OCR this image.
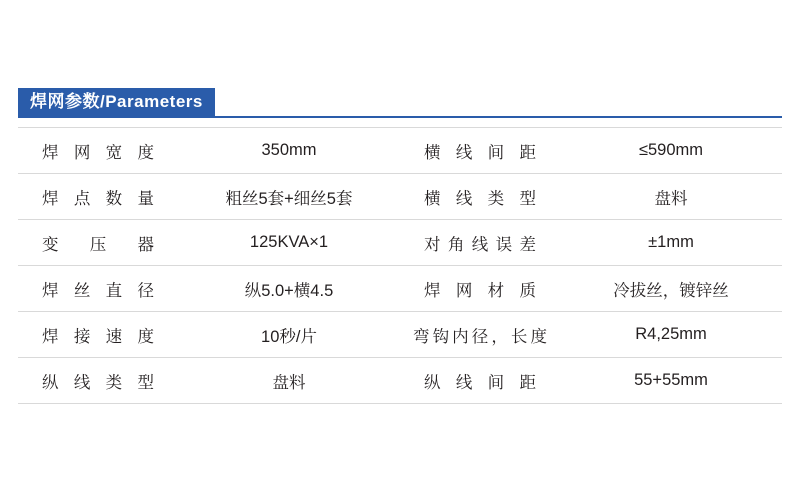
焊网参数/Parameters
焊网宽度	350mm	横线间距	≤590mm
焊点数量	粗丝5套+细丝5套	横线类型	盘料
变压器	125KVA×1	对角线误差	±1mm
焊丝直径	纵5.0+横4.5	焊网材质	冷拔丝，镀锌丝
焊接速度	10秒/片	弯钩内径，长度	R4,25mm
纵线类型	盘料	纵线间距	55+55mm
